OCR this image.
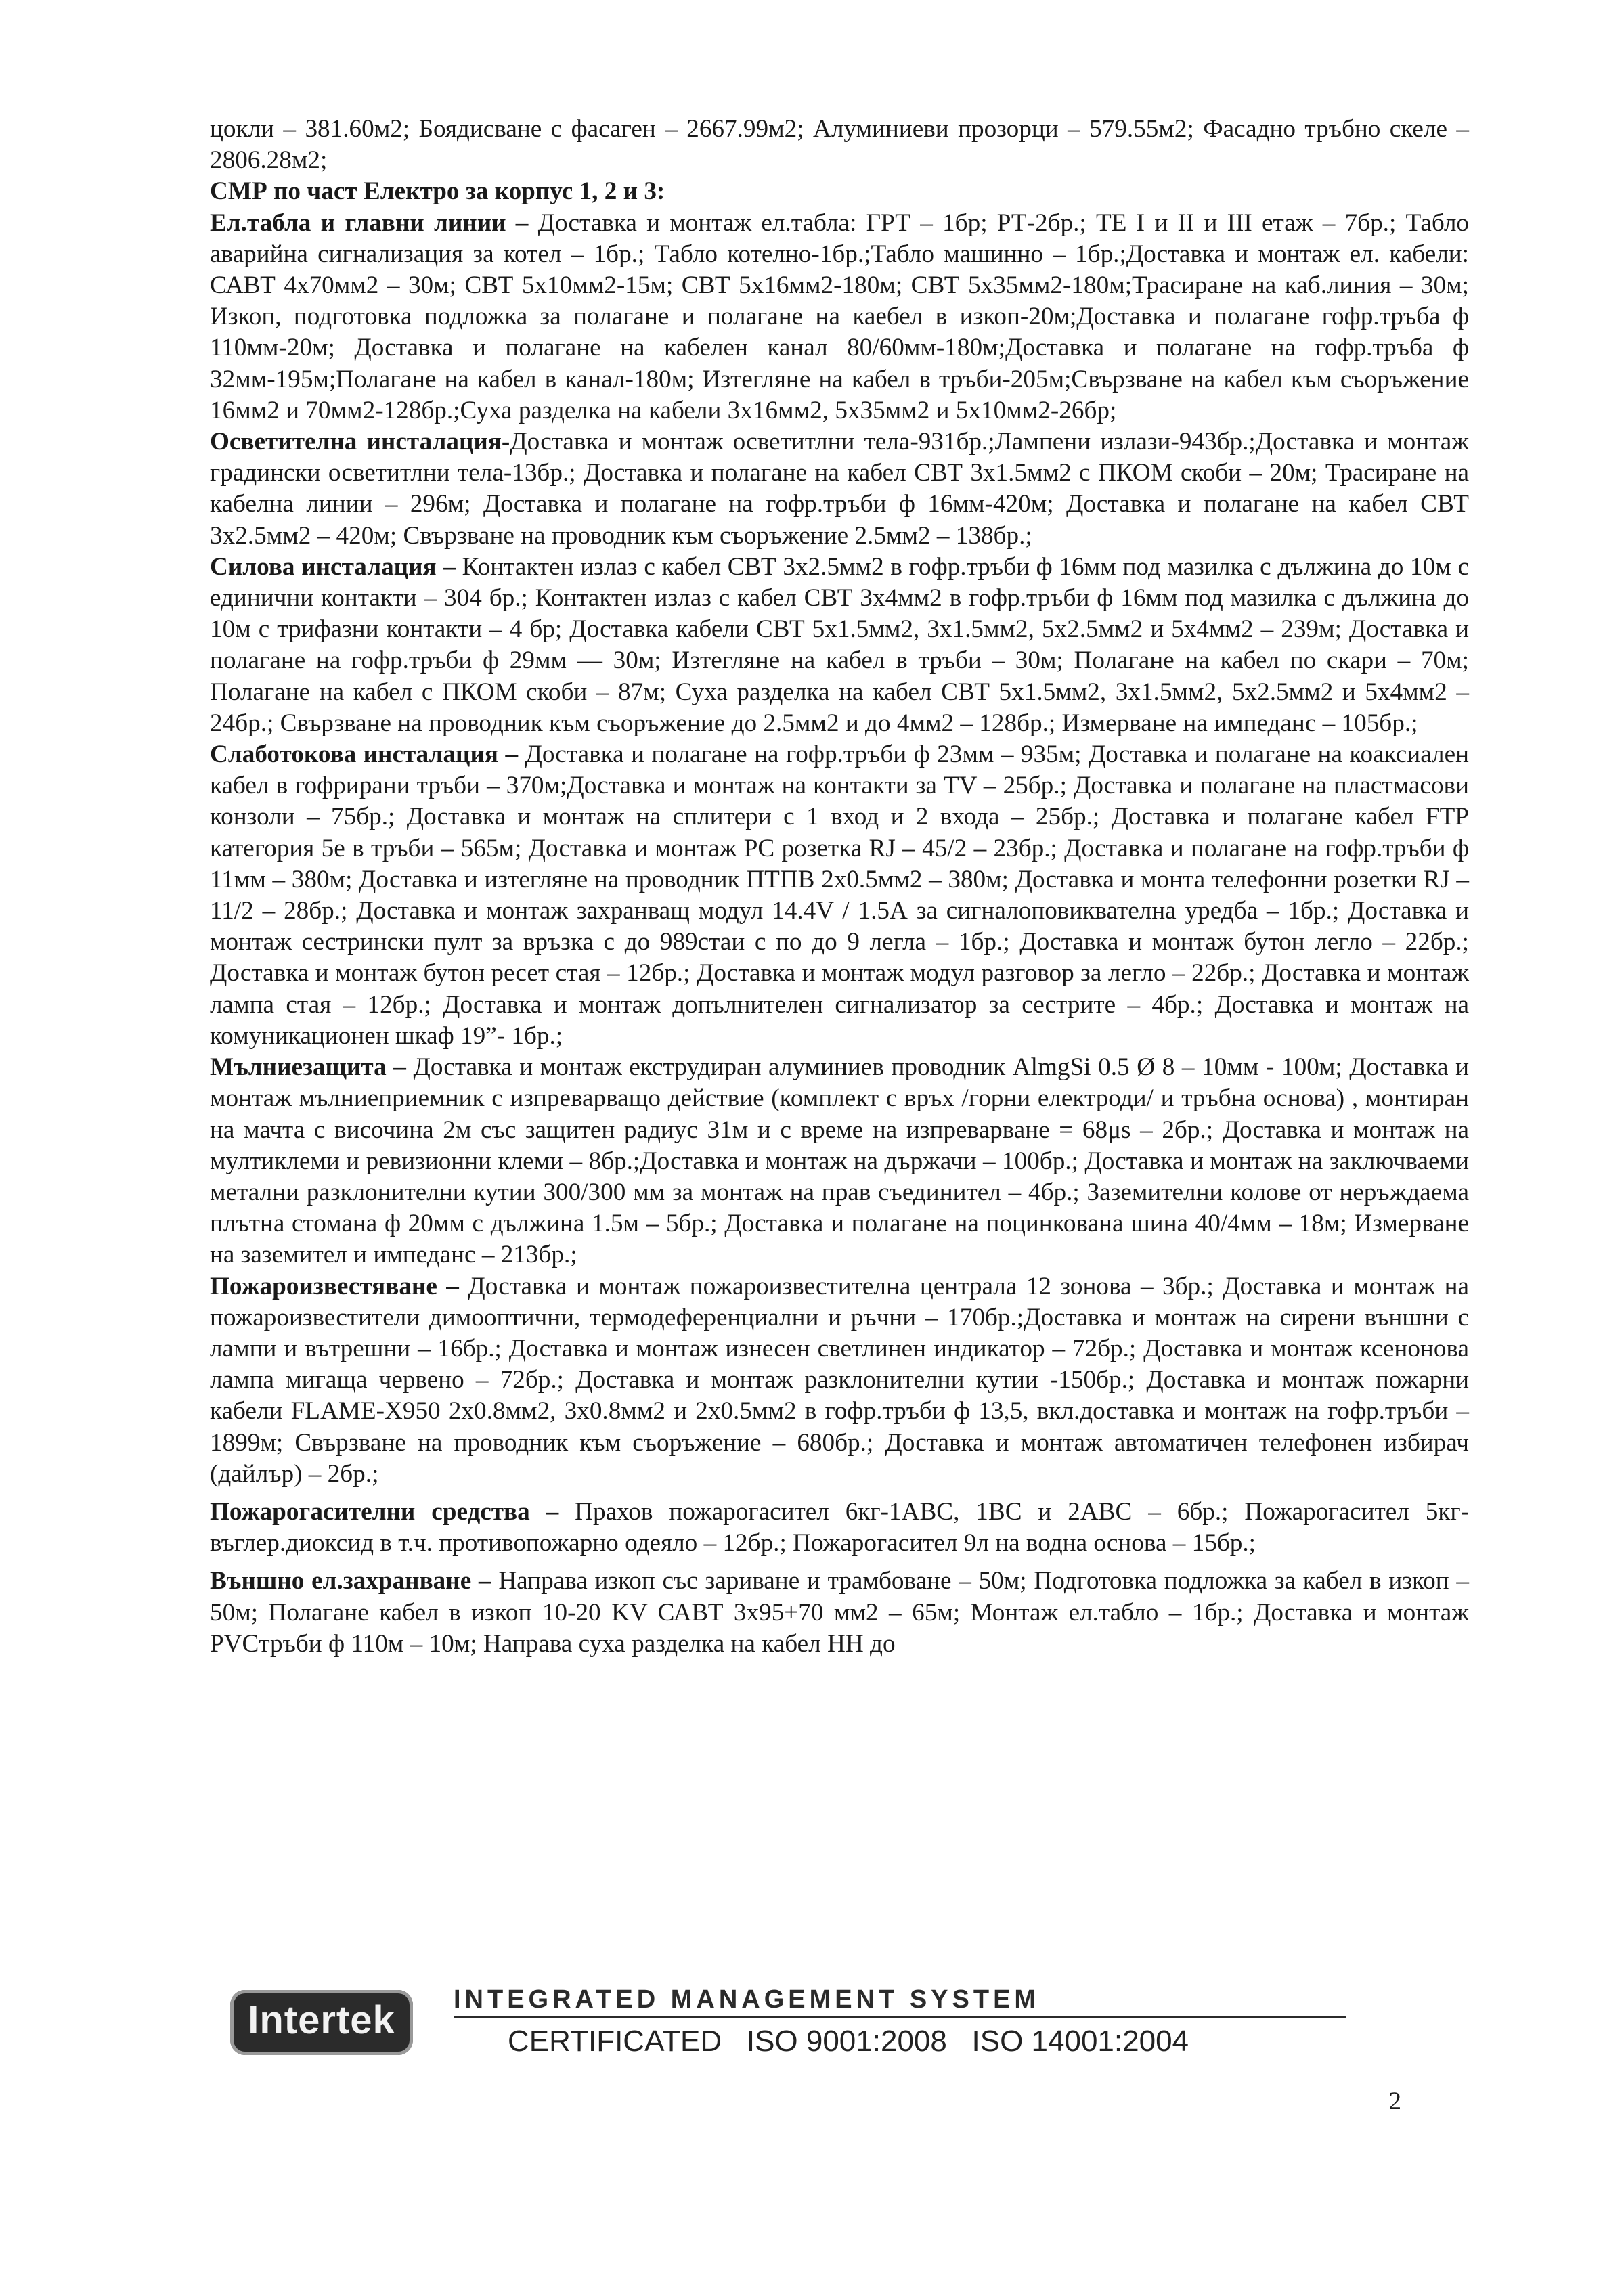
цокли – 381.60м2; Боядисване с фасаген – 2667.99м2; Алуминиеви прозорци – 579.55м2; Фасадно тръбно скеле – 2806.28м2;

СМР по част Електро за корпус 1, 2 и 3:

Ел.табла и главни линии – Доставка и монтаж ел.табла: ГРТ – 1бр; РТ-2бр.; ТЕ I и II и III етаж – 7бр.; Табло аварийна сигнализация за котел – 1бр.; Табло котелно-1бр.;Табло машинно – 1бр.;Доставка и монтаж ел. кабели: САВТ 4х70мм2 – 30м; СВТ 5х10мм2-15м; СВТ 5х16мм2-180м; СВТ 5х35мм2-180м;Трасиране на каб.линия – 30м; Изкоп, подготовка подложка за полагане и полагане на каебел в изкоп-20м;Доставка и полагане гофр.тръба ф 110мм-20м; Доставка и полагане на кабелен канал 80/60мм-180м;Доставка и полагане на гофр.тръба ф 32мм-195м;Полагане на кабел в канал-180м; Изтегляне на кабел в тръби-205м;Свързване на кабел към съоръжение 16мм2 и 70мм2-128бр.;Суха разделка на кабели 3х16мм2, 5х35мм2 и 5х10мм2-26бр;

Осветителна инсталация-Доставка и монтаж осветитлни тела-931бр.;Лампени излази-943бр.;Доставка и монтаж градински осветитлни тела-13бр.; Доставка и полагане на кабел СВТ 3х1.5мм2 с ПКОМ скоби – 20м; Трасиране на кабелна линии – 296м; Доставка и полагане на гофр.тръби ф 16мм-420м; Доставка и полагане на кабел СВТ 3х2.5мм2 – 420м; Свързване на проводник към съоръжение 2.5мм2 – 138бр.;

Силова инсталация – Контактен излаз с кабел СВТ 3х2.5мм2 в гофр.тръби ф 16мм под мазилка с дължина до 10м с единични контакти – 304 бр.; Контактен излаз с кабел СВТ 3х4мм2 в гофр.тръби ф 16мм под мазилка с дължина до 10м с трифазни контакти – 4 бр; Доставка кабели СВТ 5х1.5мм2, 3х1.5мм2, 5х2.5мм2 и 5х4мм2 – 239м; Доставка и полагане на гофр.тръби ф 29мм — 30м; Изтегляне на кабел в тръби – 30м; Полагане на кабел по скари – 70м; Полагане на кабел с ПКОМ скоби – 87м; Суха разделка на кабел СВТ 5х1.5мм2, 3х1.5мм2, 5х2.5мм2 и 5х4мм2 – 24бр.; Свързване на проводник към съоръжение до 2.5мм2 и до 4мм2 – 128бр.; Измерване на импеданс – 105бр.;

Слаботокова инсталация – Доставка и полагане на гофр.тръби ф 23мм – 935м; Доставка и полагане на коаксиален кабел в гофрирани тръби – 370м;Доставка и монтаж на контакти за TV – 25бр.; Доставка и полагане на пластмасови конзоли – 75бр.; Доставка и монтаж на сплитери с 1 вход и 2 входа – 25бр.; Доставка и полагане кабел FTP категория 5е в тръби – 565м; Доставка и монтаж PC розетка RJ – 45/2 – 23бр.; Доставка и полагане на гофр.тръби ф 11мм – 380м; Доставка и изтегляне на проводник ПТПВ 2х0.5мм2 – 380м; Доставка и монта телефонни розетки RJ – 11/2 – 28бр.; Доставка и монтаж захранващ модул 14.4V / 1.5А за сигналоповиквателна уредба – 1бр.; Доставка и монтаж сестрински пулт за връзка с до 989стаи с по до 9 легла – 1бр.; Доставка и монтаж бутон легло – 22бр.; Доставка и монтаж бутон ресет стая – 12бр.; Доставка и монтаж модул разговор за легло – 22бр.; Доставка и монтаж лампа стая – 12бр.; Доставка и монтаж допълнителен сигнализатор за сестрите – 4бр.; Доставка и монтаж на комуникационен шкаф 19”- 1бр.;

Мълниезащита – Доставка и монтаж екструдиран алуминиев проводник AlmgSi 0.5 Ø 8 – 10мм - 100м; Доставка и монтаж мълниеприемник с изпреварващо действие (комплект с връх /горни електроди/ и тръбна основа) , монтиран на мачта с височина 2м със защитен радиус 31м и с време на изпреварване = 68μs – 2бр.; Доставка и монтаж на мултиклеми и ревизионни клеми – 8бр.;Доставка и монтаж на държачи – 100бр.; Доставка и монтаж на заключваеми метални разклонителни кутии 300/300 мм за монтаж на прав съединител – 4бр.; Заземителни колове от неръждаема плътна стомана ф 20мм с дължина 1.5м – 5бр.; Доставка и полагане на поцинкована шина 40/4мм – 18м; Измерване на заземител и импеданс – 213бр.;

Пожароизвестяване – Доставка и монтаж пожароизвестителна централа 12 зонова – 3бр.; Доставка и монтаж на пожароизвестители димооптични, термодеференциални и ръчни – 170бр.;Доставка и монтаж на сирени външни с лампи и вътрешни – 16бр.; Доставка и монтаж изнесен светлинен индикатор – 72бр.; Доставка и монтаж ксенонова лампа мигаща червено – 72бр.; Доставка и монтаж разклонителни кутии -150бр.; Доставка и монтаж пожарни кабели FLAME-X950 2х0.8мм2, 3х0.8мм2 и 2х0.5мм2 в гофр.тръби ф 13,5, вкл.доставка и монтаж на гофр.тръби – 1899м; Свързване на проводник към съоръжение – 680бр.; Доставка и монтаж автоматичен телефонен избирач (дайлър) – 2бр.;

Пожарогасителни средства – Прахов пожарогасител 6кг-1АВС, 1ВС и 2АВС – 6бр.; Пожарогасител 5кг-въглер.диоксид в т.ч. противопожарно одеяло – 12бр.; Пожарогасител 9л на водна основа – 15бр.;

Външно ел.захранване – Направа изкоп със зариване и трамбоване – 50м; Подготовка подложка за кабел в изкоп – 50м; Полагане кабел в изкоп 10-20 KV САВТ 3х95+70 мм2 – 65м; Монтаж ел.табло – 1бр.; Доставка и монтаж PVCтръби ф 110м – 10м; Направа суха разделка на кабел НН до

Intertek	INTEGRATED MANAGEMENT SYSTEM
CERTIFICATED   ISO 9001:2008   ISO 14001:2004
2
